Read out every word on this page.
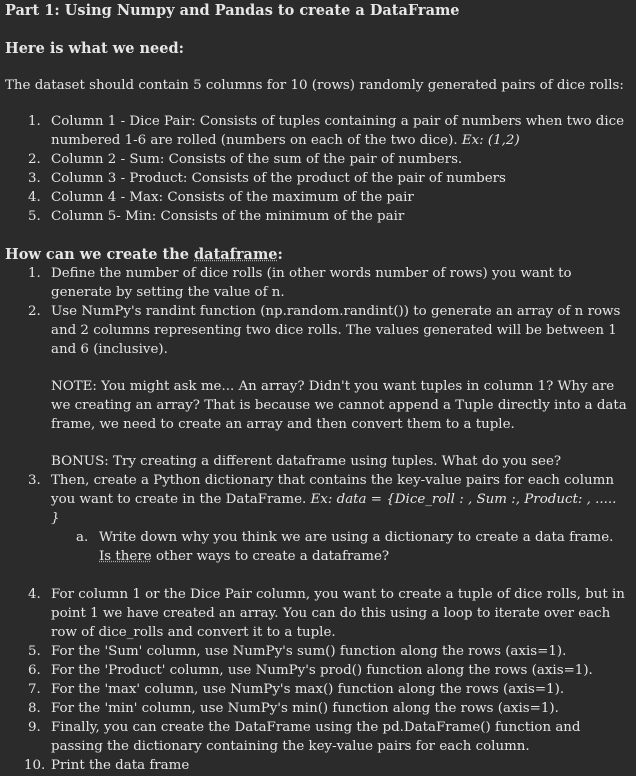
Part 1: Using Numpy and Pandas to create a DataFrame
Here is what we need:
The dataset should contain 5 columns for 10 (rows) randomly generated pairs of dice rolls:
1. Column 1 - Dice Pair: Consists of tuples containing a pair of numbers when two dice numbered 1-6 are rolled (numbers on each of the two dice). Ex: (1,2)
2. Column 2 - Sum: Consists of the sum of the pair of numbers.
3. Column 3 - Product: Consists of the product of the pair of numbers
4. Column 4 - Max: Consists of the maximum of the pair
5. Column 5- Min: Consists of the minimum of the pair
How can we create the dataframe:
1. Define the number of dice rolls (in other words number of rows) you want to generate by setting the value of n.
2. Use NumPy's randint function (np.random.randint()) to generate an array of n rows and 2 columns representing two dice rolls. The values generated will be between 1 and 6 (inclusive).
NOTE: You might ask me... An array? Didn't you want tuples in column 1? Why are we creating an array? That is because we cannot append a Tuple directly into a data frame, we need to create an array and then convert them to a tuple.
BONUS: Try creating a different dataframe using tuples. What do you see?
3. Then, create a Python dictionary that contains the key-value pairs for each column you want to create in the DataFrame. Ex: data = {Dice_roll : , Sum :, Product: , ..... }
a. Write down why you think we are using a dictionary to create a data frame. Is there other ways to create a dataframe?
4. For column 1 or the Dice Pair column, you want to create a tuple of dice rolls, but in point 1 we have created an array. You can do this using a loop to iterate over each row of dice_rolls and convert it to a tuple.
5. For the 'Sum' column, use NumPy's sum() function along the rows (axis=1).
6. For the 'Product' column, use NumPy's prod() function along the rows (axis=1).
7. For the 'max' column, use NumPy's max() function along the rows (axis=1).
8. For the 'min' column, use NumPy's min() function along the rows (axis=1).
9. Finally, you can create the DataFrame using the pd.DataFrame() function and passing the dictionary containing the key-value pairs for each column.
10. Print the data frame
